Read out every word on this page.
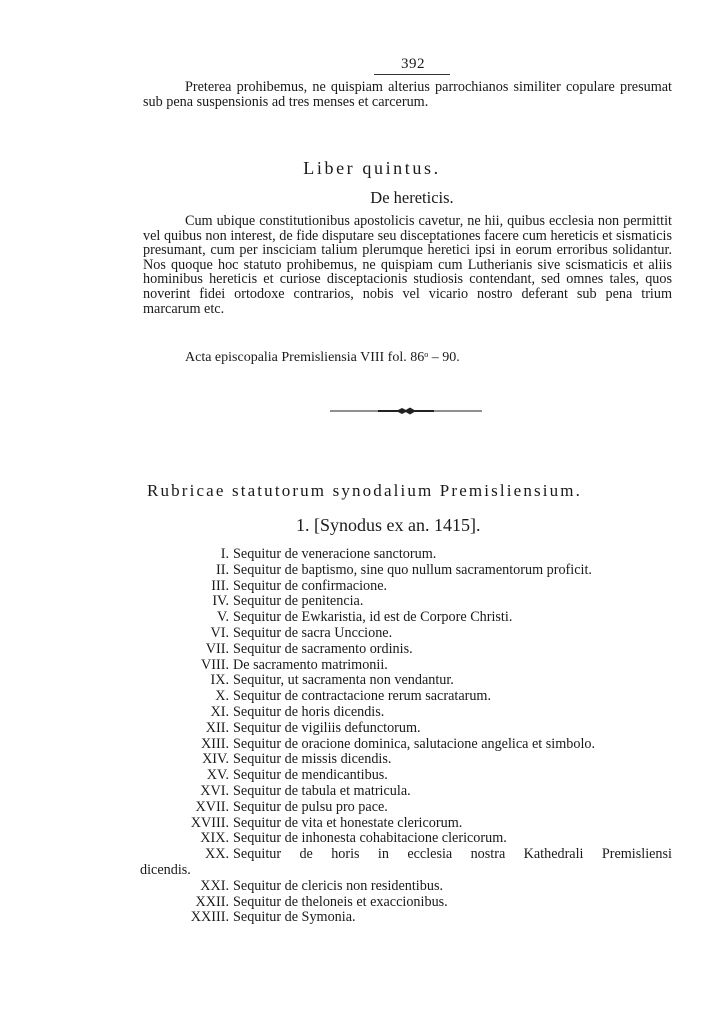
392

Preterea prohibemus, ne quispiam alterius parrochianos similiter copulare presumat sub pena suspensionis ad tres menses et carcerum.

Liber quintus.
De hereticis.

Cum ubique constitutionibus apostolicis cavetur, ne hii, quibus ecclesia non permittit vel quibus non interest, de fide disputare seu disceptationes facere cum hereticis et sismaticis presumant, cum per insciciam talium plerumque heretici ipsi in eorum erroribus solidantur. Nos quoque hoc statuto prohibemus, ne quispiam cum Lutherianis sive scismaticis et aliis hominibus hereticis et curiose disceptacionis studiosis contendant, sed omnes tales, quos noverint fidei ortodoxe contrarios, nobis vel vicario nostro deferant sub pena trium marcarum etc.

Acta episcopalia Premisliensia VIII fol. 86ᵒ – 90.
Rubricae statutorum synodalium Premisliensium.
1. [Synodus ex an. 1415].
I. Sequitur de veneracione sanctorum.
II. Sequitur de baptismo, sine quo nullum sacramentorum proficit.
III. Sequitur de confirmacione.
IV. Sequitur de penitencia.
V. Sequitur de Ewkaristia, id est de Corpore Christi.
VI. Sequitur de sacra Unccione.
VII. Sequitur de sacramento ordinis.
VIII. De sacramento matrimonii.
IX. Sequitur, ut sacramenta non vendantur.
X. Sequitur de contractacione rerum sacratarum.
XI. Sequitur de horis dicendis.
XII. Sequitur de vigiliis defunctorum.
XIII. Sequitur de oracione dominica, salutacione angelica et simbolo.
XIV. Sequitur de missis dicendis.
XV. Sequitur de mendicantibus.
XVI. Sequitur de tabula et matricula.
XVII. Sequitur de pulsu pro pace.
XVIII. Sequitur de vita et honestate clericorum.
XIX. Sequitur de inhonesta cohabitacione clericorum.
XX. Sequitur de horis in ecclesia nostra Kathedrali Premisliensi
dicendis.
XXI. Sequitur de clericis non residentibus.
XXII. Sequitur de theloneis et exaccionibus.
XXIII. Sequitur de Symonia.
